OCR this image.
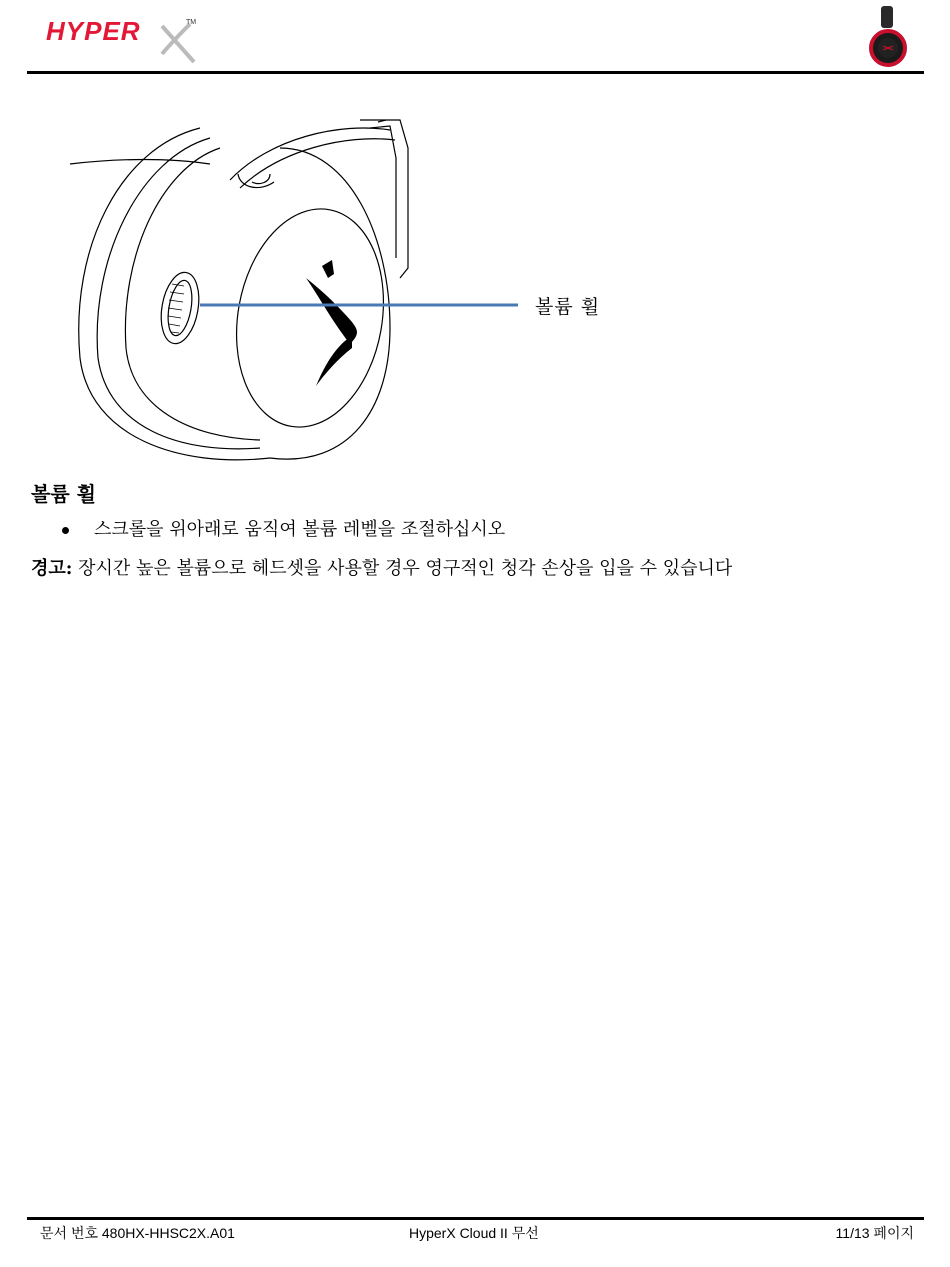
HYPER	TM
볼륨 휠
볼륨 휠
스크롤을 위아래로 움직여 볼륨 레벨을 조절하십시오
경고: 장시간 높은 볼륨으로 헤드셋을 사용할 경우 영구적인 청각 손상을 입을 수 있습니다
문서 번호 480HX-HHSC2X.A01	HyperX Cloud II 무선	11/13 페이지
